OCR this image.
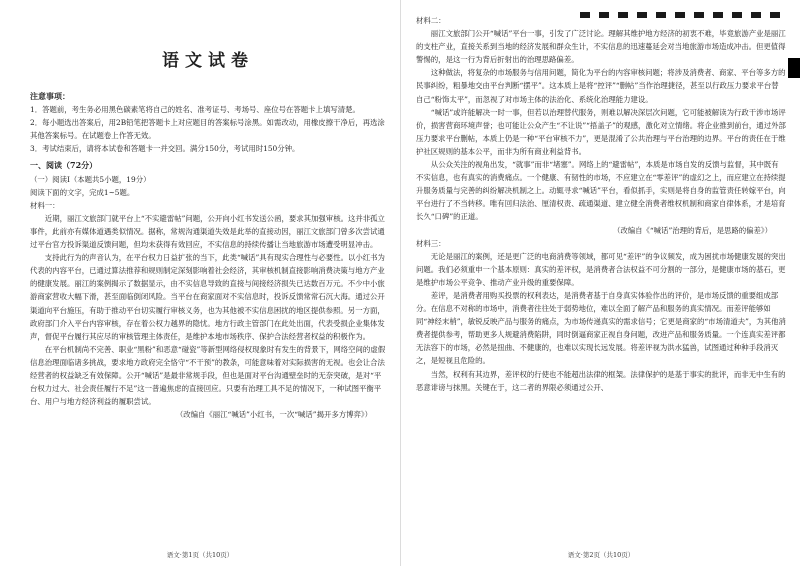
语文试卷

注意事项：

1．答题前，考生务必用黑色碳素笔将自己的姓名、准考证号、考场号、座位号在答题卡上填写清楚。

2．每小题选出答案后，用2B铅笔把答题卡上对应题目的答案标号涂黑。如需改动，用橡皮擦干净后，再选涂其他答案标号。在试题卷上作答无效。

3．考试结束后，请将本试卷和答题卡一并交回。满分150分，考试用时150分钟。

一、阅读（72分）

（一）阅读Ⅰ（本题共5小题，19分）

阅读下面的文字，完成1~5题。

材料一：

近期，丽江文旅部门就平台上“不实避雷帖”问题，公开向小红书发送公函，要求其加强审核。这并非孤立事件，此前亦有媒体道遇类似情况。据称，常规沟通渠道失效是此举的直接动因，丽江文旅部门曾多次尝试通过平台官方投诉渠道反馈问题，但均未获得有效回应，不实信息的持续传播让当地旅游市场遭受明显冲击。

支持此行为的声音认为，在平台权力日益扩张的当下，此类“喊话”具有现实合理性与必要性。以小红书为代表的内容平台，已通过算法推荐和规则制定深刻影响着社会经济，其审核机制直接影响消费决策与地方产业的健康发展。丽江的案例揭示了数据显示，由不实信息导致的直接与间接经济损失已达数百万元。不少中小旅游商家营收大幅下滑，甚至面临倒闭风险。当平台在商家面对不实信息时，投诉反馈常常石沉大海。通过公开渠道向平台施压，有助于推动平台切实履行审核义务，也为其他被不实信息困扰的地区提供参照。另一方面，政府部门介入平台内容审核，存在着公权力越界的隐忧。地方行政主管部门在此处出面，代表受损企业集体发声，督促平台履行其应尽的审核管理主体责任，是维护本地市场秩序、保护合法经营者权益的积极作为。

在平台机制尚不完善、职业“黑粉”和恶意“碰瓷”等新型网络侵权现象时有发生的背景下，网络空间的虚假信息治理面临诸多挑战，要求地方政府完全恪守“不干预”的教条，可能意味着对实际损害的无视。也会让合法经营者的权益缺乏有效保障。公开“喊话”是最非常规手段，但也是面对平台沟通壁垒时的无奈突破，是对“平台权力过大、社会责任履行不足”这一普遍焦虑的直接回应。只要有治理工具不足的情况下，一种试图平衡平台、用户与地方经济利益的履职尝试。

（改编自《丽江“喊话”小红书，一次“喊话”揭开多方博弈》）

语文·第1页（共10页）

材料二：

丽江文旅部门公开“喊话”平台一事，引发了广泛讨论。理解其维护地方经济的初衷不难，毕竟旅游产业是丽江的支柱产业，直接关系到当地的经济发展和群众生计，不实信息的迅速蔓延会对当地旅游市场造成冲击。但更值得警惕的，是这一行为背后折射出的治理思路偏差。

这种做法，将复杂的市场服务与信用问题，简化为平台的内容审核问题；将涉及消费者、商家、平台等多方的民事纠纷，粗暴地交由平台判断“摆平”。这本质上是将“控评”“删帖”当作治理捷径，甚至以行政压力要求平台替自己“粉饰太平”，而忽视了对市场主体的法治化、系统化治理能力建设。

“喊话”或许能解决一时一事，但若以治理替代服务，则难以解决深层次问题，它可能被解读为行政干涉市场评价，损害营商环境声誉；也可能让公众产生“不让说”“捂盖子”的观感，激化对立情绪。将企业推到前台，通过外部压力要求平台删帖，本质上仍是一种“平台审核不力”，更是混淆了公共治理与平台治理的边界。平台的责任在于维护社区规则的基本公平，而非为所有商业利益背书。

从公众关注的视角出发，“就事”而非“堵塞”。网络上的“避雷帖”，本质是市场自发的反馈与监督，其中既有不实信息，也有真实的消费痛点。一个健康、有韧性的市场，不应建立在“零差评”的虚幻之上，而应建立在持续提升服务质量与完善的纠纷解决机制之上。动辄寻求“喊话”平台，看似抓手，实则是将自身的监管责任转嫁平台，向平台进行了不当转移。唯有回归法治、厘清权责、疏通渠道、建立健全消费者维权机制和商家自律体系，才是培育长久“口碑”的正道。

（改编自《“喊话”治理的背后，是思路的偏差》）

材料三：

无论是丽江的案例，还是更广泛的电商消费等领域，都可见“差评”的争议频发，成为困扰市场健康发展的突出问题。我们必须重申一个基本原则：真实的差评权，是消费者合法权益不可分割的一部分，是健康市场的基石，更是维护市场公平竞争、推动产业升级的重要保障。

差评，是消费者用购买投票的权利表达，是消费者基于自身真实体验作出的评价，是市场反馈的重要组成部分。在信息不对称的市场中，消费者往往处于弱势地位，难以全面了解产品和服务的真实情况。而差评能够如同“神经末梢”，敏锐反映产品与服务的痛点，为市场传递真实的需求信号；它更是商家的“市场清道夫”，为其他消费者提供参考，帮助更多人规避消费陷阱，同时倒逼商家正视自身问题，改进产品和服务质量。一个连真实差评都无法容下的市场，必然是扭曲、不健康的，也难以实现长远发展。将差评视为洪水猛兽，试图通过种种手段消灭之，是短视且危险的。

当然，权利有其边界，差评权的行使也不能超出法律的框架。法律保护的是基于事实的批评，而非无中生有的恶意诽谤与抹黑。关键在于，这二者的界限必须通过公开、

语文·第2页（共10页）
